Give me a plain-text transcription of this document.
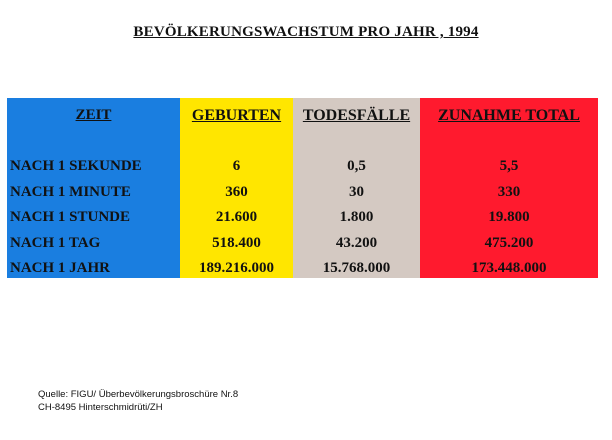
BEVÖLKERUNGSWACHSTUM PRO JAHR , 1994
ZEIT
NACH 1 SEKUNDE
NACH 1 MINUTE
NACH 1 STUNDE
NACH 1 TAG
NACH 1 JAHR
GEBURTEN
6
360
21.600
518.400
189.216.000
TODESFÄLLE
0,5
30
1.800
43.200
15.768.000
ZUNAHME TOTAL
5,5
330
19.800
475.200
173.448.000
Quelle: FIGU/ Überbevölkerungsbroschüre Nr.8
CH-8495 Hinterschmidrüti/ZH
